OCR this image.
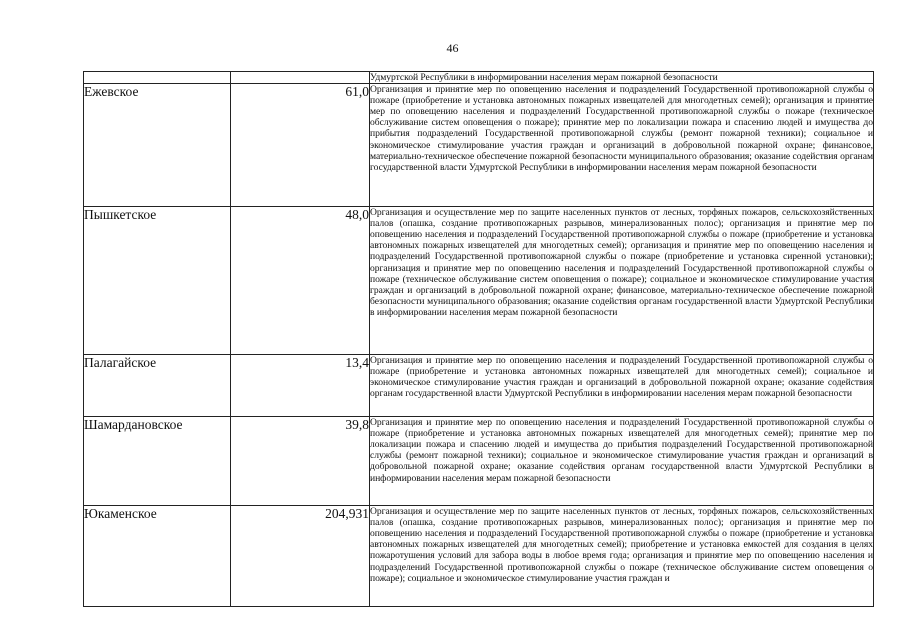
46
		Удмуртской Республики в информировании населения мерам пожарной безопасности
Ежевское	61,0	Организация и принятие мер по оповещению населения и подразделений Государственной противопожарной службы о пожаре (приобретение и установка автономных пожарных извещателей для многодетных семей); организация и принятие мер по оповещению населения и подразделений Государственной противопожарной службы о пожаре (техническое обслуживание систем оповещения о пожаре); принятие мер по локализации пожара и спасению людей и имущества до прибытия подразделений Государственной противопожарной службы (ремонт пожарной техники); социальное и экономическое стимулирование участия граждан и организаций в добровольной пожарной охране; финансовое, материально-техническое обеспечение пожарной безопасности муниципального образования; оказание содействия органам государственной власти Удмуртской Республики в информировании населения мерам пожарной безопасности
Пышкетское	48,0	Организация и осуществление мер по защите населенных пунктов от лесных, торфяных пожаров, сельскохозяйственных палов (опашка, создание противопожарных разрывов, минерализованных полос); организация и принятие мер по оповещению населения и подразделений Государственной противопожарной службы о пожаре (приобретение и установка автономных пожарных извещателей для многодетных семей); организация и принятие мер по оповещению населения и подразделений Государственной противопожарной службы о пожаре (приобретение и установка сиренной установки); организация и принятие мер по оповещению населения и подразделений Государственной противопожарной службы о пожаре (техническое обслуживание систем оповещения о пожаре); социальное и экономическое стимулирование участия граждан и организаций в добровольной пожарной охране; финансовое, материально-техническое обеспечение пожарной безопасности муниципального образования; оказание содействия органам государственной власти Удмуртской Республики в информировании населения мерам пожарной безопасности
Палагайское	13,4	Организация и принятие мер по оповещению населения и подразделений Государственной противопожарной службы о пожаре (приобретение и установка автономных пожарных извещателей для многодетных семей); социальное и экономическое стимулирование участия граждан и организаций в добровольной пожарной охране; оказание содействия органам государственной власти Удмуртской Республики в информировании населения мерам пожарной безопасности
Шамардановское	39,8	Организация и принятие мер по оповещению населения и подразделений Государственной противопожарной службы о пожаре (приобретение и установка автономных пожарных извещателей для многодетных семей); принятие мер по локализации пожара и спасению людей и имущества до прибытия подразделений Государственной противопожарной службы (ремонт пожарной техники); социальное и экономическое стимулирование участия граждан и организаций в добровольной пожарной охране; оказание содействия органам государственной власти Удмуртской Республики в информировании населения мерам пожарной безопасности
Юкаменское	204,931	Организация и осуществление мер по защите населенных пунктов от лесных, торфяных пожаров, сельскохозяйственных палов (опашка, создание противопожарных разрывов, минерализованных полос); организация и принятие мер по оповещению населения и подразделений Государственной противопожарной службы о пожаре (приобретение и установка автономных пожарных извещателей для многодетных семей); приобретение и установка емкостей для создания в целях пожаротушения условий для забора воды в любое время года; организация и принятие мер по оповещению населения и подразделений Государственной противопожарной службы о пожаре (техническое обслуживание систем оповещения о пожаре); социальное и экономическое стимулирование участия граждан и
